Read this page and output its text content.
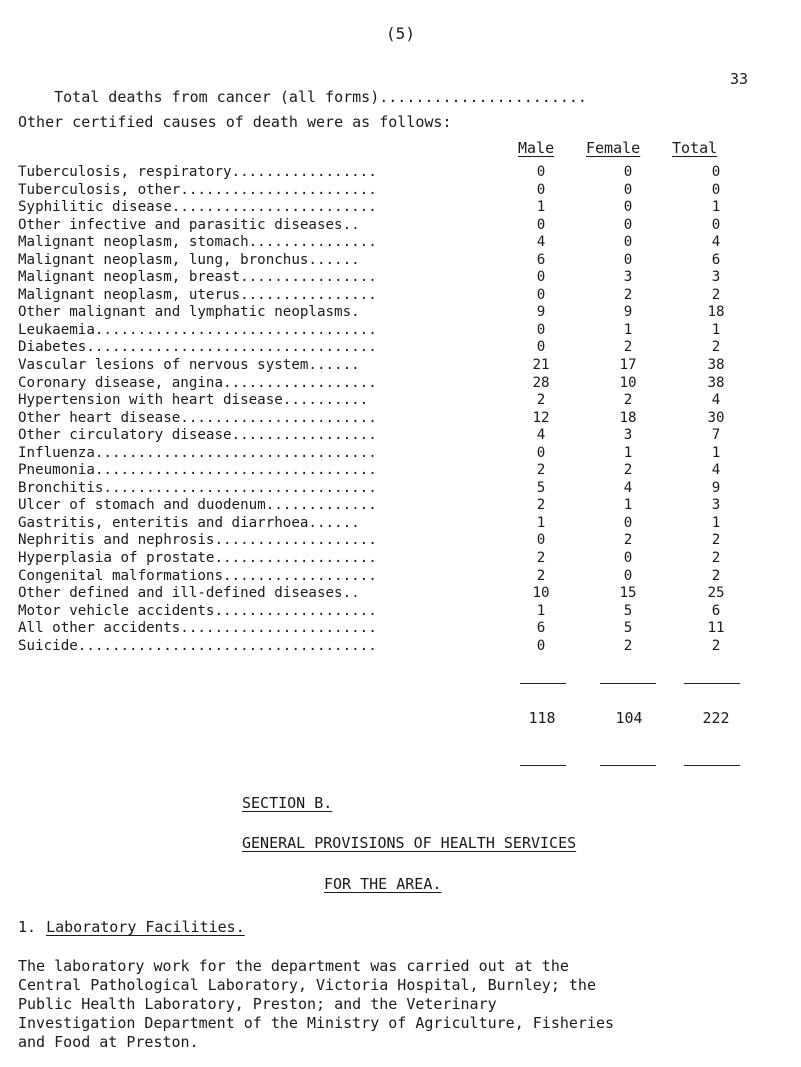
(5)

Total deaths from cancer (all forms).......................

33

Other certified causes of death were as follows:
Male Female Total
Tuberculosis, respiratory.................	0	0	0
Tuberculosis, other.......................	0	0	0
Syphilitic disease........................	1	0	1
Other infective and parasitic diseases..	0	0	0
Malignant neoplasm, stomach...............	4	0	4
Malignant neoplasm, lung, bronchus......	6	0	6
Malignant neoplasm, breast................	0	3	3
Malignant neoplasm, uterus................	0	2	2
Other malignant and lymphatic neoplasms.	9	9	18
Leukaemia.................................	0	1	1
Diabetes..................................	0	2	2
Vascular lesions of nervous system......	21	17	38
Coronary disease, angina..................	28	10	38
Hypertension with heart disease..........	2	2	4
Other heart disease.......................	12	18	30
Other circulatory disease.................	4	3	7
Influenza.................................	0	1	1
Pneumonia.................................	2	2	4
Bronchitis................................	5	4	9
Ulcer of stomach and duodenum.............	2	1	3
Gastritis, enteritis and diarrhoea......	1	0	1
Nephritis and nephrosis...................	0	2	2
Hyperplasia of prostate...................	2	0	2
Congenital malformations..................	2	0	2
Other defined and ill-defined diseases..	10	15	25
Motor vehicle accidents...................	1	5	6
All other accidents.......................	6	5	11
Suicide...................................	0	2	2
118	104	222
SECTION B.
GENERAL PROVISIONS OF HEALTH SERVICES
FOR THE AREA.
1. Laboratory Facilities.
The laboratory work for the department was carried out at the
Central Pathological Laboratory, Victoria Hospital, Burnley; the
Public Health Laboratory, Preston; and the Veterinary
Investigation Department of the Ministry of Agriculture, Fisheries
and Food at Preston.
